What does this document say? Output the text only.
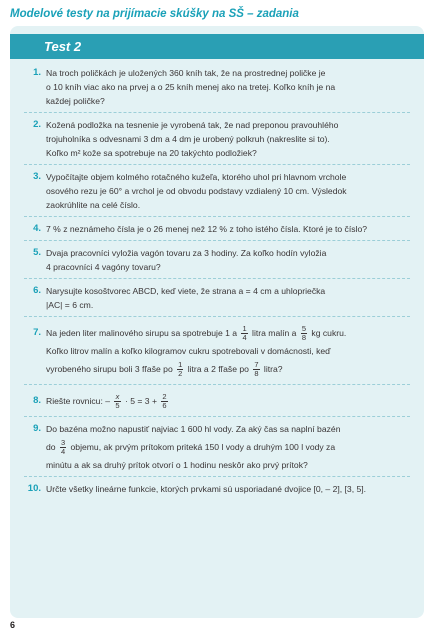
Modelové testy na prijímacie skúšky na SŠ – zadania
Test 2
1. Na troch poličkách je uložených 360 kníh tak, že na prostrednej poličke je
o 10 kníh viac ako na prvej a o 25 kníh menej ako na tretej. Koľko kníh je na
každej poličke?
2. Kožená podložka na tesnenie je vyrobená tak, že nad preponou pravouhlého
trojuholníka s odvesnami 3 dm a 4 dm je urobený polkruh (nakreslite si to).
Koľko m² kože sa spotrebuje na 20 takýchto podložiek?
3. Vypočítajte objem kolmého rotačného kužeľa, ktorého uhol pri hlavnom vrchole
osového rezu je 60° a vrchol je od obvodu podstavy vzdialený 10 cm. Výsledok
zaokrúhlite na celé číslo.
4. 7 % z neznámeho čísla je o 26 menej než 12 % z toho istého čísla. Ktoré je to číslo?
5. Dvaja pracovníci vyložia vagón tovaru za 3 hodiny. Za koľko hodín vyložia
4 pracovníci 4 vagóny tovaru?
6. Narysujte kosoštvorec ABCD, keď viete, že strana a = 4 cm a uhlopriečka
|AC| = 6 cm.
7. Na jeden liter malinového sirupu sa spotrebuje 1 a $\frac{1}{4}$ litra malín a $\frac{5}{8}$ kg cukru.
Koľko litrov malín a koľko kilogramov cukru spotrebovali v domácnosti, keď
vyrobeného sirupu boli 3 fľaše po $\frac{1}{2}$ litra a 2 fľaše po $\frac{7}{8}$ litra?
8. Riešte rovnicu: – $\frac{x}{5} \cdot 5 = 3 + \frac{2}{6}$
9. Do bazéna možno napustiť najviac 1 600 hl vody. Za aký čas sa naplní bazén
do $\frac{3}{4}$ objemu, ak prvým prítokom priteká 150 l vody a druhým 100 l vody za
minútu a ak sa druhý prítok otvorí o 1 hodinu neskôr ako prvý prítok?
10. Určte všetky lineárne funkcie, ktorých prvkami sú usporiadané dvojice [0, – 2], [3, 5].
6
